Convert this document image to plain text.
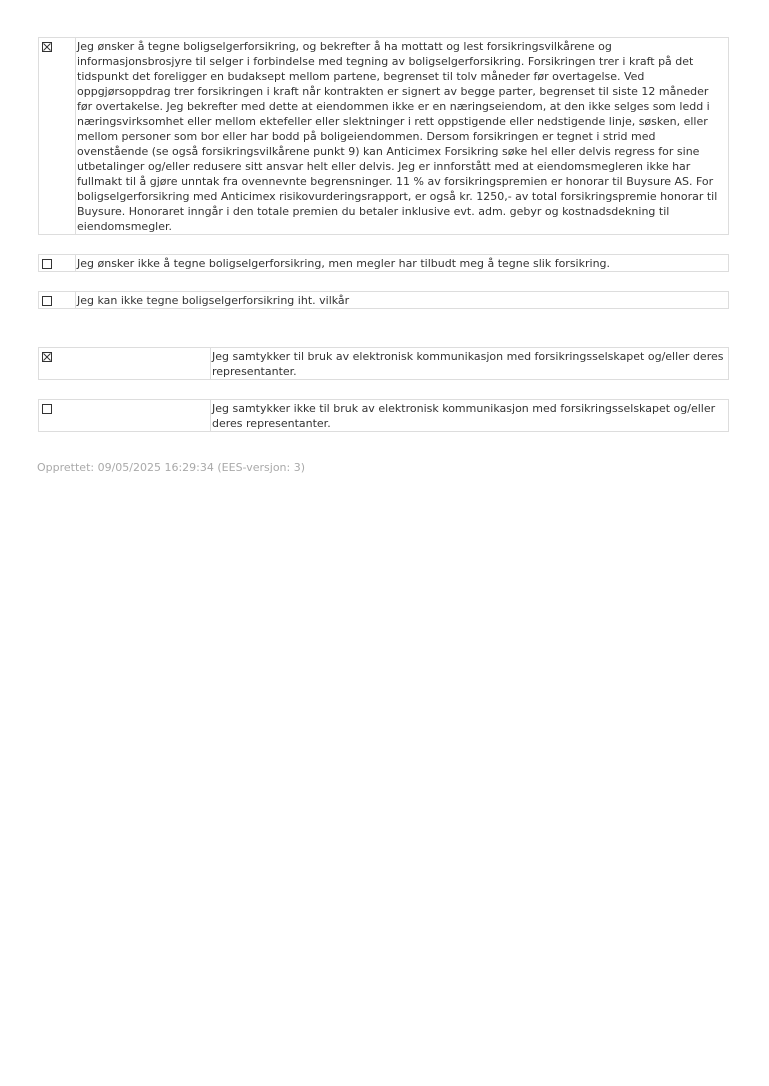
Jeg ønsker å tegne boligselgerforsikring, og bekrefter å ha mottatt og lest forsikringsvilkårene og informasjonsbrosjyre til selger i forbindelse med tegning av boligselgerforsikring. Forsikringen trer i kraft på det tidspunkt det foreligger en budaksept mellom partene, begrenset til tolv måneder før overtagelse. Ved oppgjørsoppdrag trer forsikringen i kraft når kontrakten er signert av begge parter, begrenset til siste 12 måneder før overtakelse. Jeg bekrefter med dette at eiendommen ikke er en næringseiendom, at den ikke selges som ledd i næringsvirksomhet eller mellom ektefeller eller slektninger i rett oppstigende eller nedstigende linje, søsken, eller mellom personer som bor eller har bodd på boligeiendommen. Dersom forsikringen er tegnet i strid med ovenstående (se også forsikringsvilkårene punkt 9) kan Anticimex Forsikring søke hel eller delvis regress for sine utbetalinger og/eller redusere sitt ansvar helt eller delvis. Jeg er innforstått med at eiendomsmegleren ikke har fullmakt til å gjøre unntak fra ovennevnte begrensninger. 11 % av forsikringspremien er honorar til Buysure AS. For boligselgerforsikring med Anticimex risikovurderingsrapport, er også kr. 1250,- av total forsikringspremie honorar til Buysure. Honoraret inngår i den totale premien du betaler inklusive evt. adm. gebyr og kostnadsdekning til eiendomsmegler.
Jeg ønsker ikke å tegne boligselgerforsikring, men megler har tilbudt meg å tegne slik forsikring.
Jeg kan ikke tegne boligselgerforsikring iht. vilkår
Jeg samtykker til bruk av elektronisk kommunikasjon med forsikringsselskapet og/eller deres representanter.
Jeg samtykker ikke til bruk av elektronisk kommunikasjon med forsikringsselskapet og/eller deres representanter.
Opprettet: 09/05/2025 16:29:34 (EES-versjon: 3)
